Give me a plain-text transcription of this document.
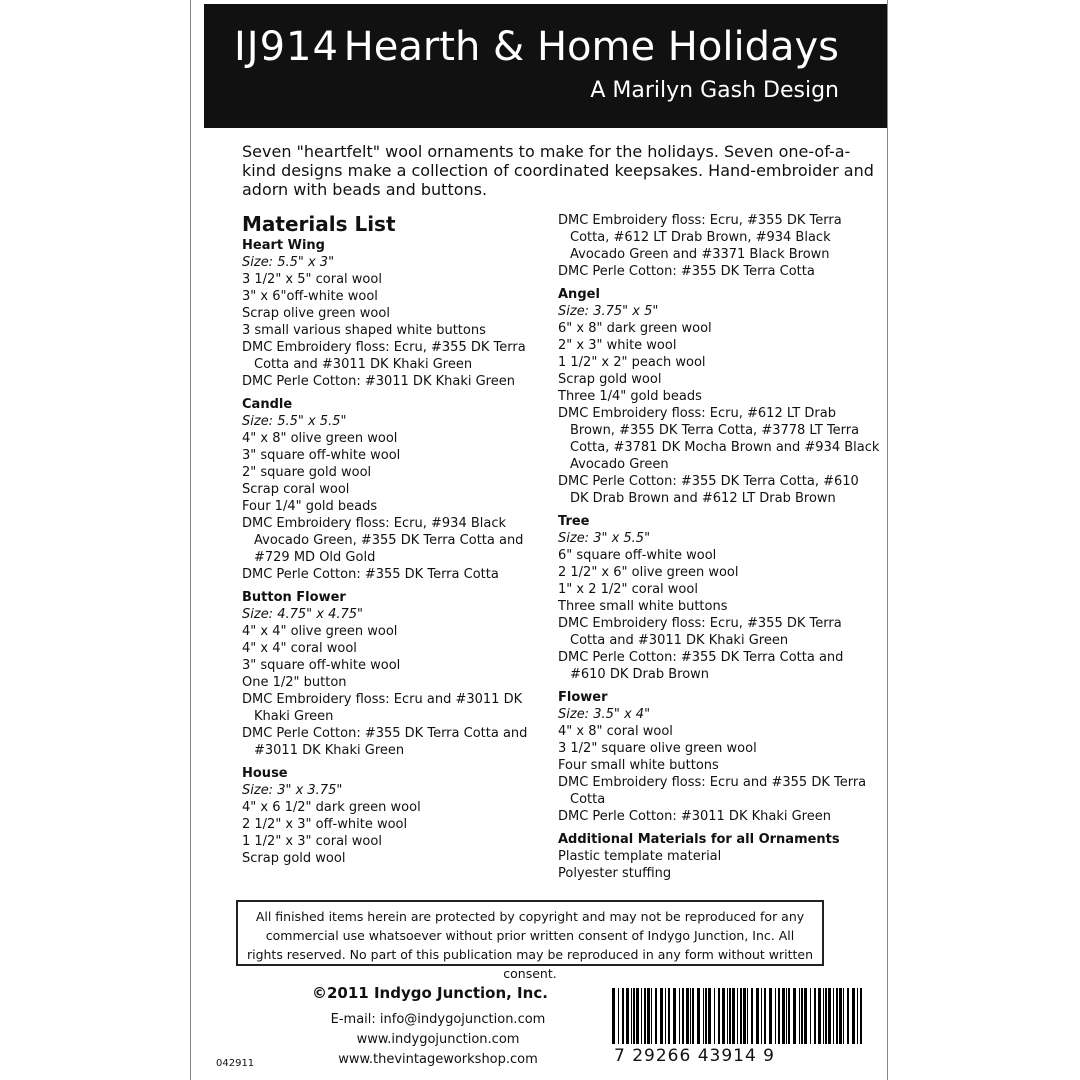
IJ914 Hearth & Home Holidays
A Marilyn Gash Design
Seven "heartfelt" wool ornaments to make for the holidays. Seven one-of-a-kind designs make a collection of coordinated keepsakes. Hand-embroider and adorn with beads and buttons.
Materials List
Heart Wing
Size: 5.5" x 3"
3 1/2" x 5" coral wool
3" x 6"off-white wool
Scrap olive green wool
3 small various shaped white buttons
DMC Embroidery floss: Ecru, #355 DK Terra Cotta and #3011 DK Khaki Green
DMC Perle Cotton: #3011 DK Khaki Green
Candle
Size: 5.5" x 5.5"
4" x 8" olive green wool
3" square off-white wool
2" square gold wool
Scrap coral wool
Four 1/4" gold beads
DMC Embroidery floss: Ecru, #934 Black Avocado Green, #355 DK Terra Cotta and #729 MD Old Gold
DMC Perle Cotton: #355 DK Terra Cotta
Button Flower
Size: 4.75" x 4.75"
4" x 4" olive green wool
4" x 4" coral wool
3" square off-white wool
One 1/2" button
DMC Embroidery floss: Ecru and #3011 DK Khaki Green
DMC Perle Cotton: #355 DK Terra Cotta and #3011 DK Khaki Green
House
Size: 3" x 3.75"
4" x 6 1/2" dark green wool
2 1/2" x 3" off-white wool
1 1/2" x 3" coral wool
Scrap gold wool
DMC Embroidery floss: Ecru, #355 DK Terra Cotta, #612 LT Drab Brown, #934 Black Avocado Green and #3371 Black Brown
DMC Perle Cotton: #355 DK Terra Cotta
Angel
Size: 3.75" x 5"
6" x 8" dark green wool
2" x 3" white wool
1 1/2" x 2" peach wool
Scrap gold wool
Three 1/4" gold beads
DMC Embroidery floss: Ecru, #612 LT Drab Brown, #355 DK Terra Cotta, #3778 LT Terra Cotta, #3781 DK Mocha Brown and #934 Black Avocado Green
DMC Perle Cotton: #355 DK Terra Cotta, #610 DK Drab Brown and #612 LT Drab Brown
Tree
Size: 3" x 5.5"
6" square off-white wool
2 1/2" x 6" olive green wool
1" x 2 1/2" coral wool
Three small white buttons
DMC Embroidery floss: Ecru, #355 DK Terra Cotta and #3011 DK Khaki Green
DMC Perle Cotton: #355 DK Terra Cotta and #610 DK Drab Brown
Flower
Size: 3.5" x 4"
4" x 8" coral wool
3 1/2" square olive green wool
Four small white buttons
DMC Embroidery floss: Ecru and #355 DK Terra Cotta
DMC Perle Cotton: #3011 DK Khaki Green
Additional Materials for all Ornaments
Plastic template material
Polyester stuffing
All finished items herein are protected by copyright and may not be reproduced for any commercial use whatsoever without prior written consent of Indygo Junction, Inc. All rights reserved. No part of this publication may be reproduced in any form without written consent.
©2011 Indygo Junction, Inc.
E-mail: info@indygojunction.com
www.indygojunction.com
www.thevintageworkshop.com
042911	7 29266 43914 9
